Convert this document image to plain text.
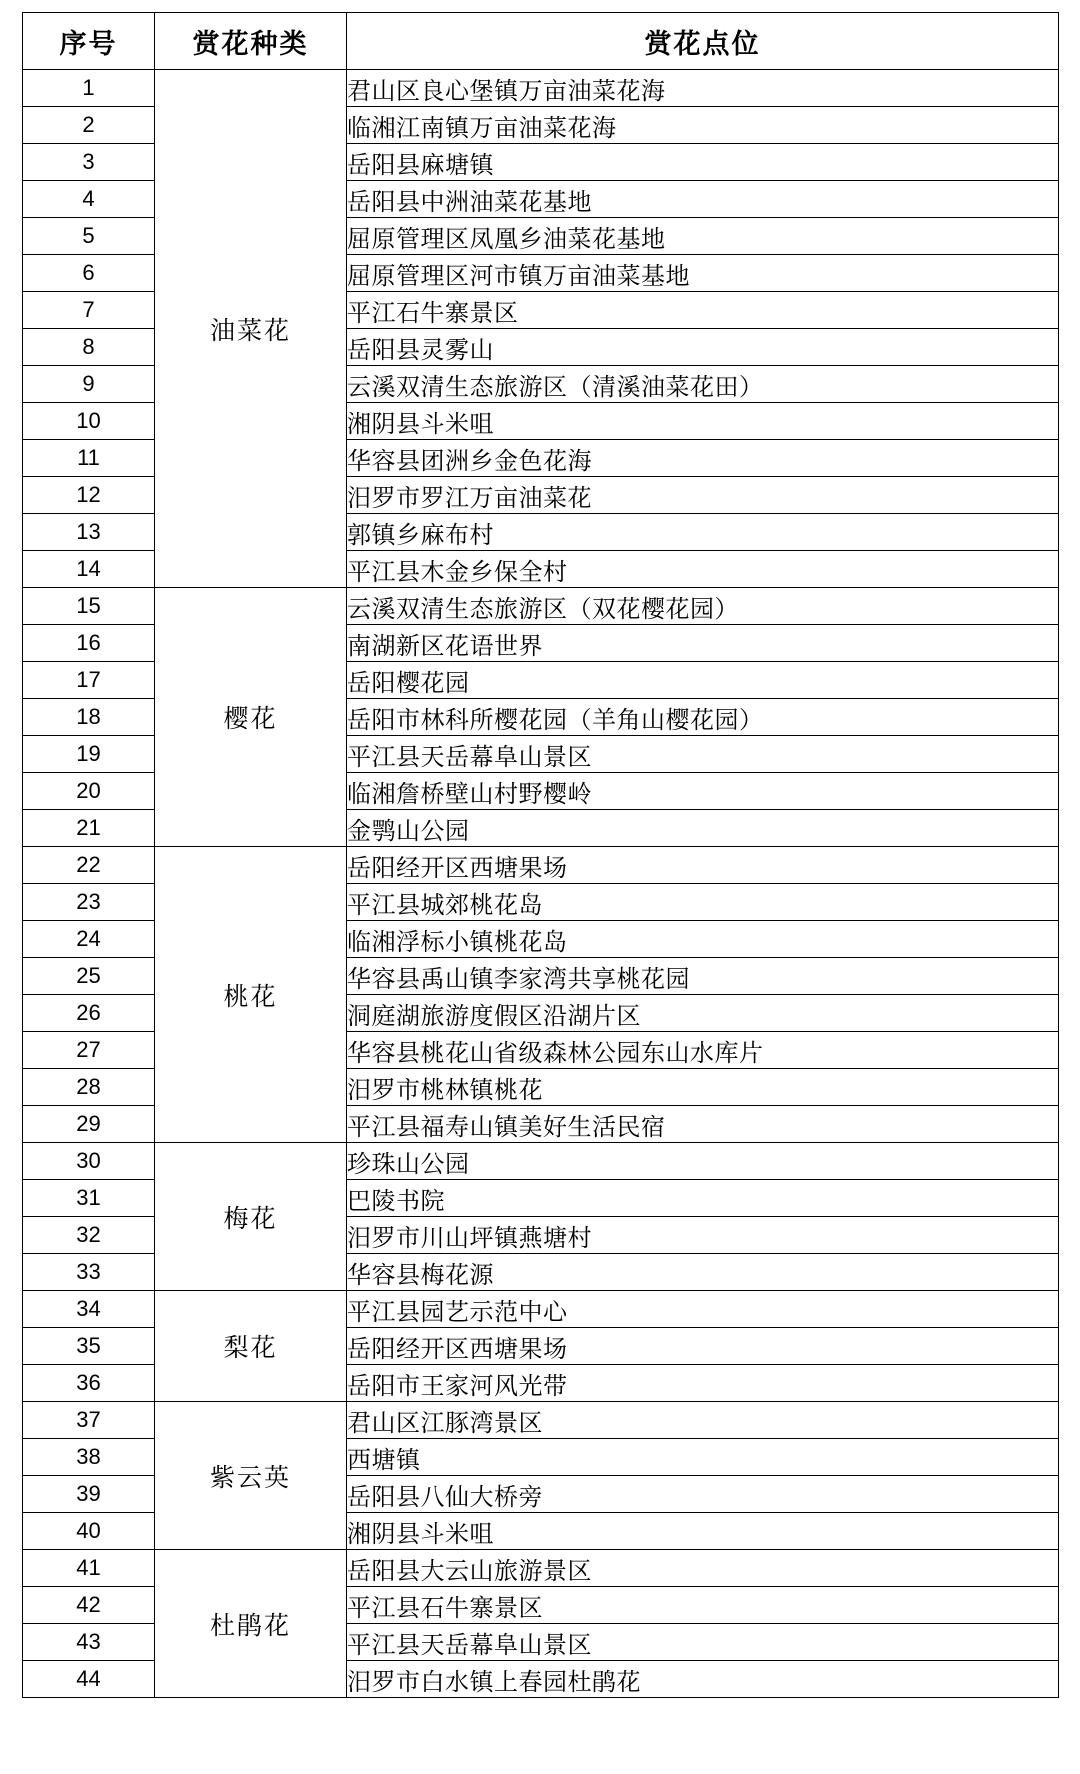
序号	赏花种类	赏花点位
1	油菜花	君山区良心堡镇万亩油菜花海
2		临湘江南镇万亩油菜花海
3		岳阳县麻塘镇
4		岳阳县中洲油菜花基地
5		屈原管理区凤凰乡油菜花基地
6		屈原管理区河市镇万亩油菜基地
7		平江石牛寨景区
8		岳阳县灵雾山
9		云溪双清生态旅游区（清溪油菜花田）
10		湘阴县斗米咀
11		华容县团洲乡金色花海
12		汨罗市罗江万亩油菜花
13		郭镇乡麻布村
14		平江县木金乡保全村
15	樱花	云溪双清生态旅游区（双花樱花园）
16		南湖新区花语世界
17		岳阳樱花园
18		岳阳市林科所樱花园（羊角山樱花园）
19		平江县天岳幕阜山景区
20		临湘詹桥壁山村野樱岭
21		金鹗山公园
22	桃花	岳阳经开区西塘果场
23		平江县城郊桃花岛
24		临湘浮标小镇桃花岛
25		华容县禹山镇李家湾共享桃花园
26		洞庭湖旅游度假区沿湖片区
27		华容县桃花山省级森林公园东山水库片
28		汨罗市桃林镇桃花
29		平江县福寿山镇美好生活民宿
30	梅花	珍珠山公园
31		巴陵书院
32		汨罗市川山坪镇燕塘村
33		华容县梅花源
34	梨花	平江县园艺示范中心
35		岳阳经开区西塘果场
36		岳阳市王家河风光带
37	紫云英	君山区江豚湾景区
38		西塘镇
39		岳阳县八仙大桥旁
40		湘阴县斗米咀
41	杜鹃花	岳阳县大云山旅游景区
42		平江县石牛寨景区
43		平江县天岳幕阜山景区
44		汨罗市白水镇上春园杜鹃花
